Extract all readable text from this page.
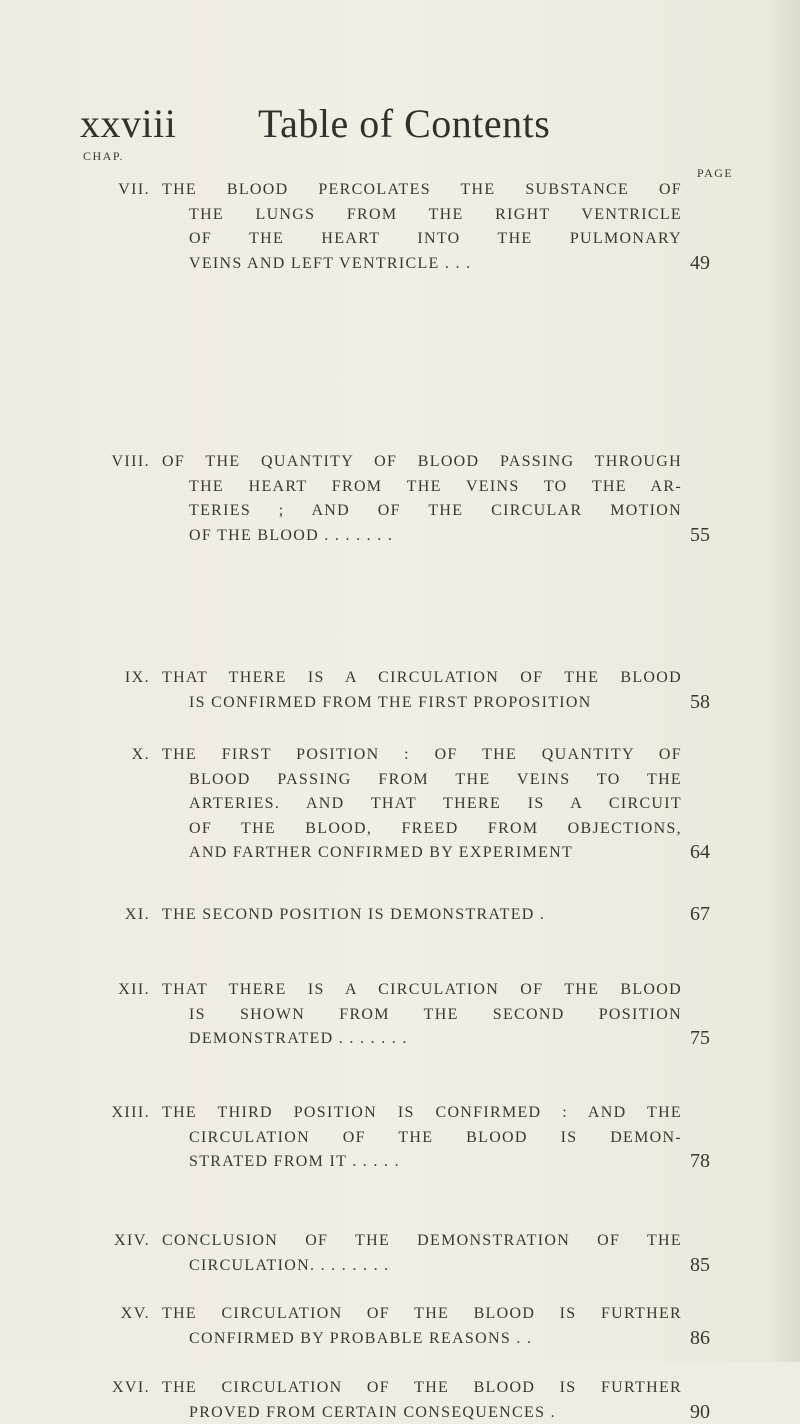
xxviii Table of Contents
CHAP.
PAGE
VII. THE BLOOD PERCOLATES THE SUBSTANCE OF
THE LUNGS FROM THE RIGHT VENTRICLE
OF THE HEART INTO THE PULMONARY
VEINS AND LEFT VENTRICLE . . .	49
VIII. OF THE QUANTITY OF BLOOD PASSING THROUGH
THE HEART FROM THE VEINS TO THE AR-
TERIES ; AND OF THE CIRCULAR MOTION
OF THE BLOOD . . . . . . .	55
IX. THAT THERE IS A CIRCULATION OF THE BLOOD
IS CONFIRMED FROM THE FIRST PROPOSITION	58
X. THE FIRST POSITION : OF THE QUANTITY OF
BLOOD PASSING FROM THE VEINS TO THE
ARTERIES. AND THAT THERE IS A CIRCUIT
OF THE BLOOD, FREED FROM OBJECTIONS,
AND FARTHER CONFIRMED BY EXPERIMENT	64
XI. THE SECOND POSITION IS DEMONSTRATED .	67
XII. THAT THERE IS A CIRCULATION OF THE BLOOD
IS SHOWN FROM THE SECOND POSITION
DEMONSTRATED . . . . . . .	75
XIII. THE THIRD POSITION IS CONFIRMED : AND THE
CIRCULATION OF THE BLOOD IS DEMON-
STRATED FROM IT . . . . .	78
XIV. CONCLUSION OF THE DEMONSTRATION OF THE
CIRCULATION. . . . . . . .	85
XV. THE CIRCULATION OF THE BLOOD IS FURTHER
CONFIRMED BY PROBABLE REASONS . .	86
XVI. THE CIRCULATION OF THE BLOOD IS FURTHER
PROVED FROM CERTAIN CONSEQUENCES .	90
